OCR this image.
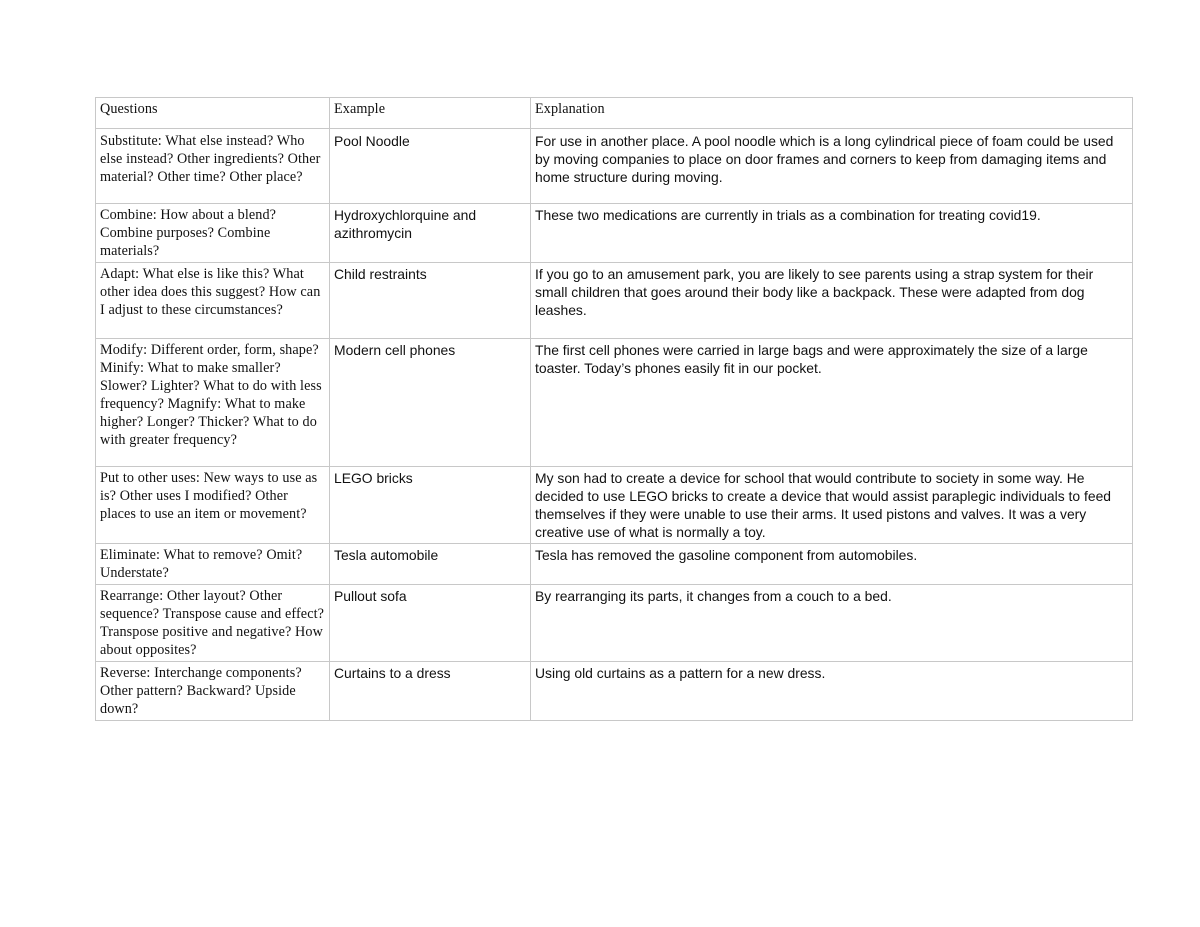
Questions	Example	Explanation
Substitute: What else instead? Who else instead? Other ingredients? Other material? Other time? Other place?	Pool Noodle	For use in another place. A pool noodle which is a long cylindrical piece of foam could be used by moving companies to place on door frames and corners to keep from damaging items and home structure during moving.
Combine: How about a blend? Combine purposes? Combine materials?	Hydroxychlorquine and azithromycin	These two medications are currently in trials as a combination for treating covid19.
Adapt: What else is like this? What other idea does this suggest? How can I adjust to these circumstances?	Child restraints	If you go to an amusement park, you are likely to see parents using a strap system for their small children that goes around their body like a backpack. These were adapted from dog leashes.
Modify: Different order, form, shape? Minify: What to make smaller? Slower? Lighter? What to do with less frequency? Magnify: What to make higher? Longer? Thicker? What to do with greater frequency?	Modern cell phones	The first cell phones were carried in large bags and were approximately the size of a large toaster. Today’s phones easily fit in our pocket.
Put to other uses: New ways to use as is? Other uses I modified? Other places to use an item or movement?	LEGO bricks	My son had to create a device for school that would contribute to society in some way. He decided to use LEGO bricks to create a device that would assist paraplegic individuals to feed themselves if they were unable to use their arms. It used pistons and valves. It was a very creative use of what is normally a toy.
Eliminate: What to remove? Omit? Understate?	Tesla automobile	Tesla has removed the gasoline component from automobiles.
Rearrange: Other layout? Other sequence? Transpose cause and effect? Transpose positive and negative? How about opposites?	Pullout sofa	By rearranging its parts, it changes from a couch to a bed.
Reverse: Interchange components? Other pattern? Backward? Upside down?	Curtains to a dress	Using old curtains as a pattern for a new dress.
